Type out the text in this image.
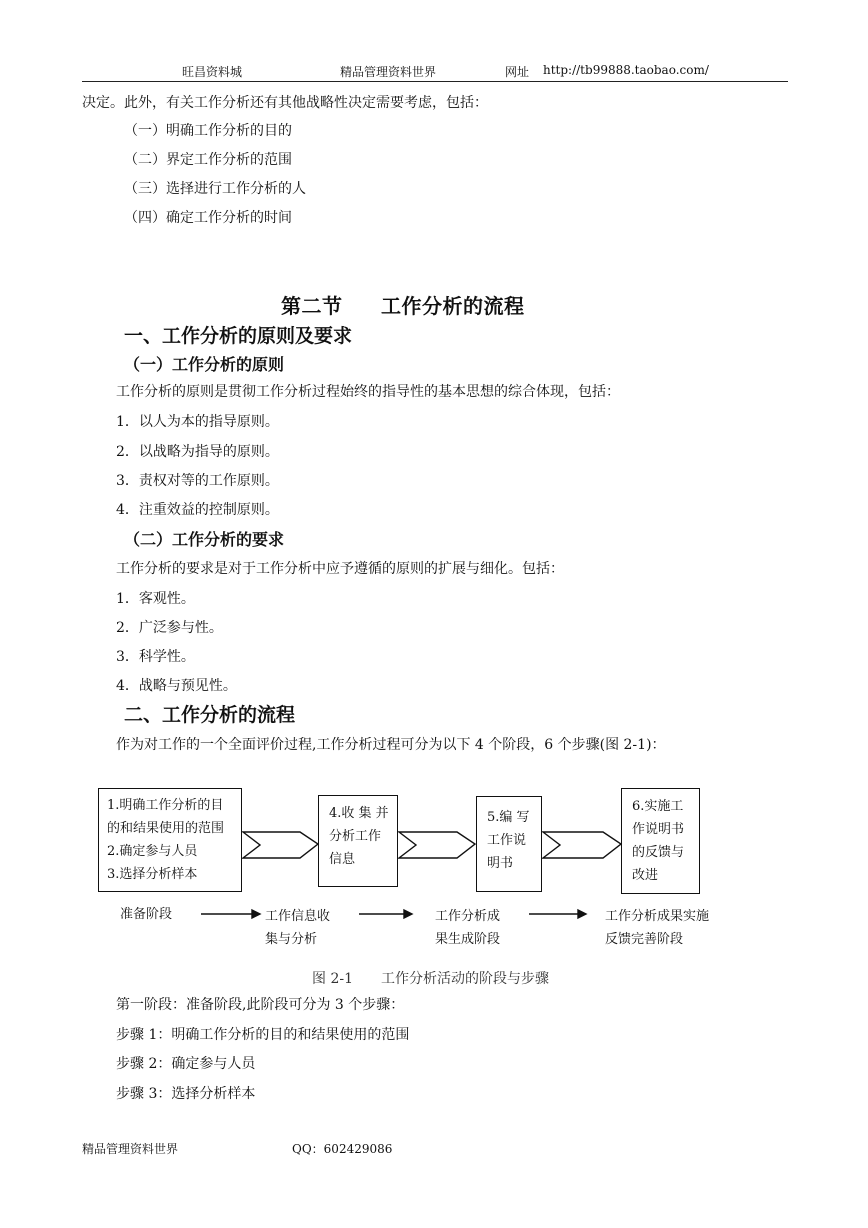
旺昌资料城	精品管理资料世界	网址 http://tb99888.taobao.com/
决定。此外，有关工作分析还有其他战略性决定需要考虑，包括：
（一）明确工作分析的目的
（二）界定工作分析的范围
（三）选择进行工作分析的人
（四）确定工作分析的时间
第二节 工作分析的流程
一、工作分析的原则及要求
（一）工作分析的原则
工作分析的原则是贯彻工作分析过程始终的指导性的基本思想的综合体现，包括：
1．以人为本的指导原则。
2．以战略为指导的原则。
3．责权对等的工作原则。
4．注重效益的控制原则。
（二）工作分析的要求
工作分析的要求是对于工作分析中应予遵循的原则的扩展与细化。包括：
1．客观性。
2．广泛参与性。
3．科学性。
4．战略与预见性。
二、工作分析的流程
作为对工作的一个全面评价过程,工作分析过程可分为以下 4 个阶段，6 个步骤(图 2-1)：
1.明确工作分析的目
的和结果使用的范围
2.确定参与人员
3.选择分析样本
4.收 集 并
分析工作
信息
5.编 写
工作说
明书
6.实施工
作说明书
的反馈与
改进
准备阶段	工作信息收
集与分析
工作分析成
果生成阶段
工作分析成果实施
反馈完善阶段
图 2-1　　工作分析活动的阶段与步骤
第一阶段：准备阶段,此阶段可分为 3 个步骤：
步骤 1：明确工作分析的目的和结果使用的范围
步骤 2：确定参与人员
步骤 3：选择分析样本
精品管理资料世界	QQ：602429086
